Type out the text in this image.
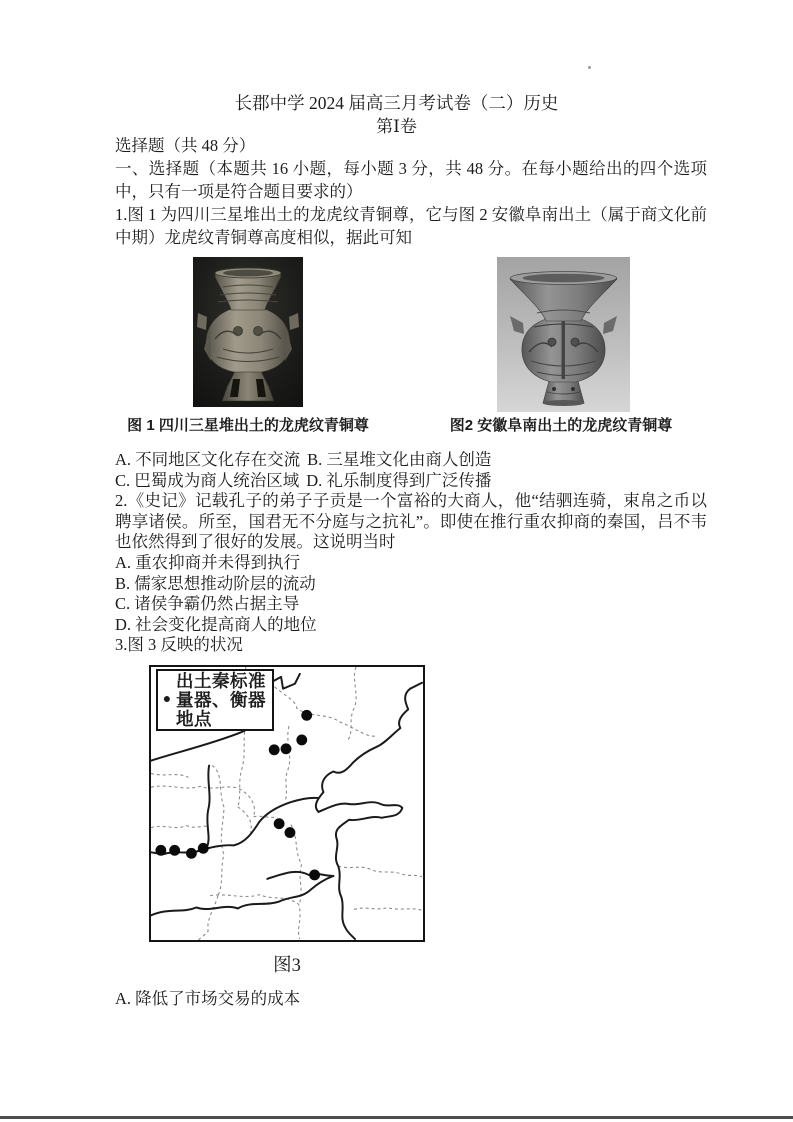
长郡中学 2024 届高三月考试卷（二）历史
第Ⅰ卷

选择题（共 48 分）

一、选择题（本题共 16 小题，每小题 3 分，共 48 分。在每小题给出的四个选项中，只有一项是符合题目要求的）

1.图 1 为四川三星堆出土的龙虎纹青铜尊，它与图 2 安徽阜南出土（属于商文化前中期）龙虎纹青铜尊高度相似，据此可知

图 1 四川三星堆出土的龙虎纹青铜尊	图2 安徽阜南出土的龙虎纹青铜尊

A. 不同地区文化存在交流 B. 三星堆文化由商人创造

C. 巴蜀成为商人统治区域 D. 礼乐制度得到广泛传播

2.《史记》记载孔子的弟子子贡是一个富裕的大商人，他“结驷连骑，束帛之币以聘享诸侯。所至，国君无不分庭与之抗礼”。即使在推行重农抑商的秦国，吕不韦也依然得到了很好的发展。这说明当时

A. 重农抑商并未得到执行

B. 儒家思想推动阶层的流动

C. 诸侯争霸仍然占据主导

D. 社会变化提高商人的地位

3.图 3 反映的状况

●
出土秦标准量器、衡器地点
图3
A. 降低了市场交易的成本
